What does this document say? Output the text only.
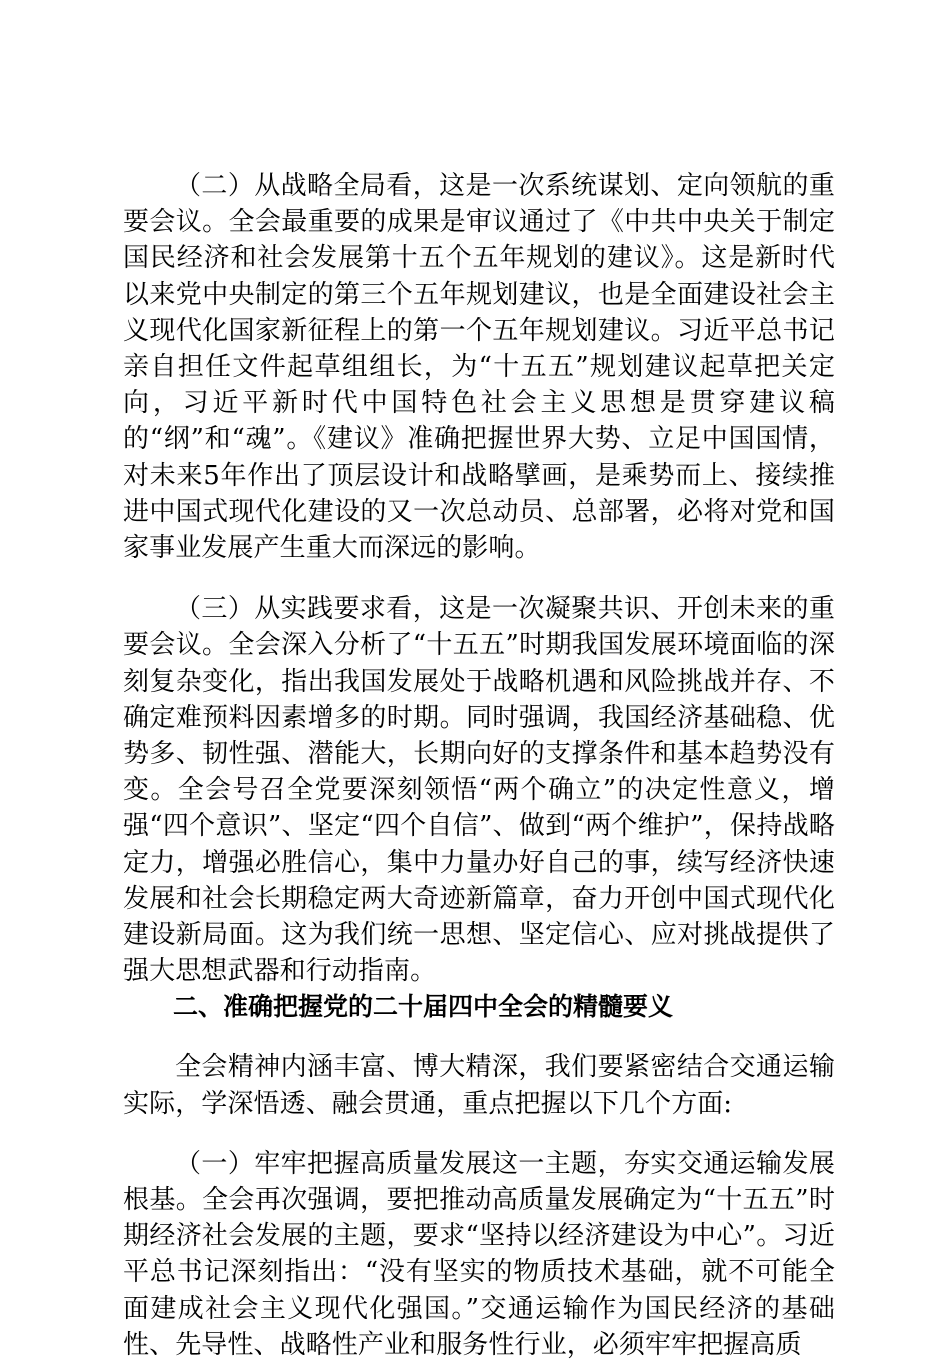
（二）从战略全局看，这是一次系统谋划、定向领航的重要会议。全会最重要的成果是审议通过了《中共中央关于制定国民经济和社会发展第十五个五年规划的建议》。这是新时代以来党中央制定的第三个五年规划建议，也是全面建设社会主义现代化国家新征程上的第一个五年规划建议。习近平总书记亲自担任文件起草组组长，为“十五五”规划建议起草把关定向，习近平新时代中国特色社会主义思想是贯穿建议稿的“纲”和“魂”。《建议》准确把握世界大势、立足中国国情，对未来5年作出了顶层设计和战略擘画，是乘势而上、接续推进中国式现代化建设的又一次总动员、总部署，必将对党和国家事业发展产生重大而深远的影响。

（三）从实践要求看，这是一次凝聚共识、开创未来的重要会议。全会深入分析了“十五五”时期我国发展环境面临的深刻复杂变化，指出我国发展处于战略机遇和风险挑战并存、不确定难预料因素增多的时期。同时强调，我国经济基础稳、优势多、韧性强、潜能大，长期向好的支撑条件和基本趋势没有变。全会号召全党要深刻领悟“两个确立”的决定性意义，增强“四个意识”、坚定“四个自信”、做到“两个维护”，保持战略定力，增强必胜信心，集中力量办好自己的事，续写经济快速发展和社会长期稳定两大奇迹新篇章，奋力开创中国式现代化建设新局面。这为我们统一思想、坚定信心、应对挑战提供了强大思想武器和行动指南。

二、准确把握党的二十届四中全会的精髓要义

全会精神内涵丰富、博大精深，我们要紧密结合交通运输实际，学深悟透、融会贯通，重点把握以下几个方面:

（一）牢牢把握高质量发展这一主题，夯实交通运输发展根基。全会再次强调，要把推动高质量发展确定为“十五五”时期经济社会发展的主题，要求“坚持以经济建设为中心”。习近平总书记深刻指出：“没有坚实的物质技术基础，就不可能全面建成社会主义现代化强国。”交通运输作为国民经济的基础性、先导性、战略性产业和服务性行业，必须牢牢把握高质
